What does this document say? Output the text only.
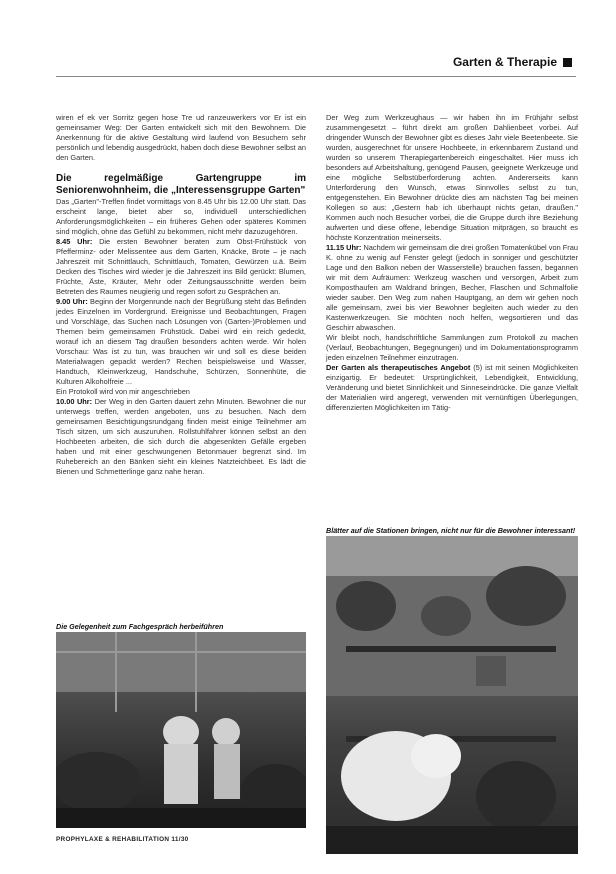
Garten & Therapie

wiren ef ek ver Sorritz gegen hose Tre ud ranzeuwerkers vor Er ist ein gemeinsamer Weg: Der Garten entwickelt sich mit den Bewohnern. Die Anerkennung für die aktive Gestaltung wird laufend von Besuchern sehr persönlich und lebendig ausgedrückt, haben doch diese Bewohner selbst an den Garten.

Die regelmäßige Gartengruppe im Seniorenwohnheim, die „Interessensgruppe Garten"

Das „Garten"-Treffen findet vormittags von 8.45 Uhr bis 12.00 Uhr statt. Das erscheint lange, bietet aber so, individuell unterschiedlichen Anforderungsmöglichkeiten – ein früheres Gehen oder späteres Kommen sind möglich, ohne das Gefühl zu bekommen, nicht mehr dazuzugehören.

8.45 Uhr: Die ersten Bewohner beraten zum Obst-Frühstück von Pfefferminz- oder Melissentee aus dem Garten, Knäcke, Brote – je nach Jahreszeit mit Schnittlauch, Schnittlauch, Tomaten, Gewürzen u.ä. Beim Decken des Tisches wird wieder je die Jahreszeit ins Bild gerückt: Blumen, Früchte, Äste, Kräuter, Mehr oder Zeitungsausschnitte werden beim Betreten des Raumes neugierig und regen sofort zu Gesprächen an.

9.00 Uhr: Beginn der Morgenrunde nach der Begrüßung steht das Befinden jedes Einzelnen im Vordergrund. Ereignisse und Beobachtungen, Fragen und Vorschläge, das Suchen nach Lösungen von (Garten-)Problemen und Themen beim gemeinsamen Frühstück. Dabei wird ein reich gedeckt, worauf ich an diesem Tag draußen besonders achten werde. Wir holen Vorschau: Was ist zu tun, was brauchen wir und soll es diese beiden Materialwagen gepackt werden? Rechen beispielsweise und Wasser, Handtuch, Kleinwerkzeug, Handschuhe, Schürzen, Sonnenhüte, die Kulturen Alkoholfreie ...

Ein Protokoll wird von mir angeschrieben

10.00 Uhr: Der Weg in den Garten dauert zehn Minuten. Bewohner die nur unterwegs treffen, werden angeboten, uns zu besuchen. Nach dem gemeinsamen Besichtigungsrundgang finden meist einige Teilnehmer am Tisch sitzen, um sich auszuruhen. Rollstuhlfahrer können selbst an den Hochbeeten arbeiten, die sich durch die abgesenkten Gefälle ergeben haben und mit einer geschwungenen Betonmauer begrenzt sind. Im Ruhebereich an den Bänken sieht ein kleines Natzteichbeet. Es lädt die Bienen und Schmetterlinge ganz nahe heran.

Der Weg zum Werkzeughaus — wir haben ihn im Frühjahr selbst zusammengesetzt – führt direkt am großen Dahlienbeet vorbei. Auf dringender Wunsch der Bewohner gibt es dieses Jahr viele Beetenbeete. Sie wurden, ausgerechnet für unsere Hochbeete, in erkennbarem Zustand und wurden so unserem Therapiegartenbereich eingeschaltet. Hier muss ich besonders auf Arbeitshaltung, genügend Pausen, geeignete Werkzeuge und eine mögliche Selbstüberforderung achten. Andererseits kann Unterforderung den Wunsch, etwas Sinnvolles selbst zu tun, entgegenstehen. Ein Bewohner drückte dies am nächsten Tag bei meinen Kollegen so aus: „Gestern hab ich überhaupt nichts getan, draußen." Kommen auch noch Besucher vorbei, die die Gruppe durch ihre Beziehung aufwerten und diese offene, lebendige Situation mitprägen, so braucht es höchste Konzentration meinerseits.

11.15 Uhr: Nachdem wir gemeinsam die drei großen Tomatenkübel von Frau K. ohne zu wenig auf Fenster gelegt (jedoch in sonniger und geschützter Lage und den Balkon neben der Wasserstelle) brauchen fassen, begannen wir mit dem Aufräumen: Werkzeug waschen und versorgen, Arbeit zum Komposthaufen am Waldrand bringen, Becher, Flaschen und Schmalfolie wieder sauber. Den Weg zum nahen Hauptgang, an dem wir gehen noch alle gemeinsam, zwei bis vier Bewohner begleiten auch wieder zu den Kastenwerkzeugen. Sie möchten noch helfen, wegsortieren und das Geschirr abwaschen.

Wir bleibt noch, handschriftliche Sammlungen zum Protokoll zu machen (Verlauf, Beobachtungen, Begegnungen) und im Dokumentationsprogramm jeden einzelnen Teilnehmer einzutragen.

Der Garten als therapeutisches Angebot (5) ist mit seinen Möglichkeiten einzigartig. Er bedeutet: Ursprünglichkeit, Lebendigkeit, Entwicklung, Veränderung und bietet Sinnlichkeit und Sinneseindrücke. Die ganze Vielfalt der Materialien wird angeregt, verwenden mit vernünftigen Überlegungen, differenzierten Möglichkeiten im Tätig-

Blätter auf die Stationen bringen, nicht nur für die Bewohner interessant!
Die Gelegenheit zum Fachgespräch herbeiführen
PROPHYLAXE & REHABILITATION 11/30
